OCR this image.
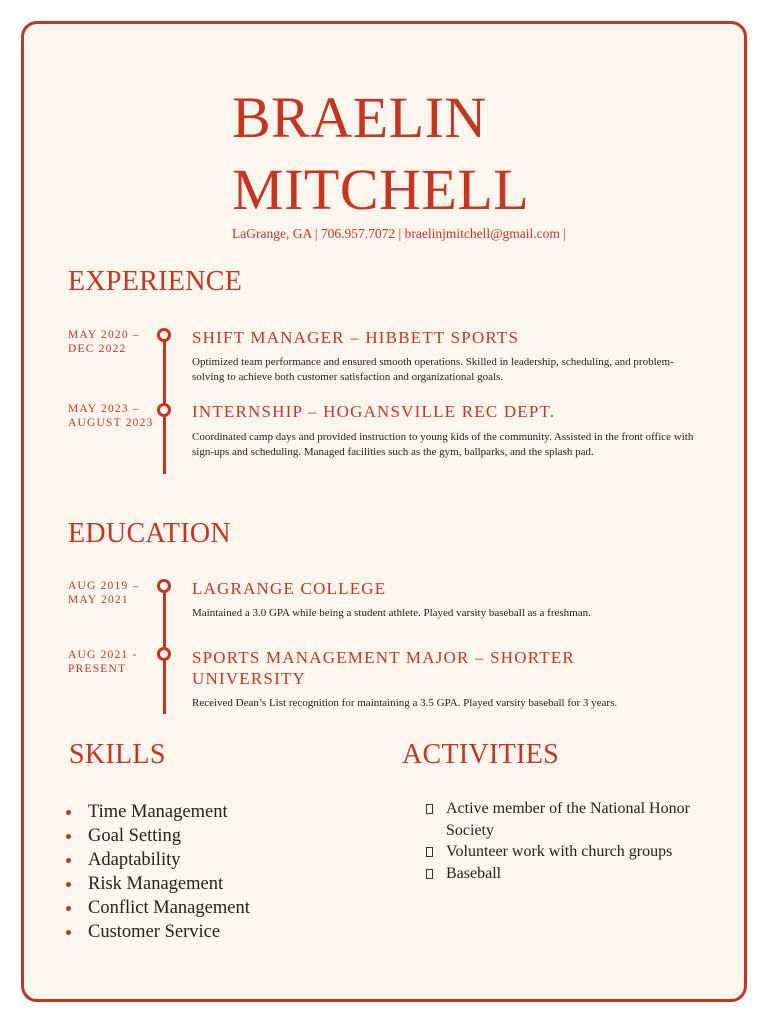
BRAELIN
MITCHELL
LaGrange, GA | 706.957.7072 | braelinjmitchell@gmail.com |
EXPERIENCE
MAY 2020 – DEC 2022
SHIFT MANAGER – HIBBETT SPORTS
Optimized team performance and ensured smooth operations. Skilled in leadership, scheduling, and problem-solving to achieve both customer satisfaction and organizational goals.
MAY 2023 – AUGUST 2023
INTERNSHIP – HOGANSVILLE REC DEPT.
Coordinated camp days and provided instruction to young kids of the community. Assisted in the front office with sign-ups and scheduling. Managed facilities such as the gym, ballparks, and the splash pad.
EDUCATION
AUG 2019 – MAY 2021
LAGRANGE COLLEGE
Maintained a 3.0 GPA while being a student athlete. Played varsity baseball as a freshman.
AUG 2021 - PRESENT
SPORTS MANAGEMENT MAJOR – SHORTER UNIVERSITY
Received Dean’s List recognition for maintaining a 3.5 GPA. Played varsity baseball for 3 years.
SKILLS
Time Management
Goal Setting
Adaptability
Risk Management
Conflict Management
Customer Service
ACTIVITIES
Active member of the National Honor Society
Volunteer work with church groups
Baseball
